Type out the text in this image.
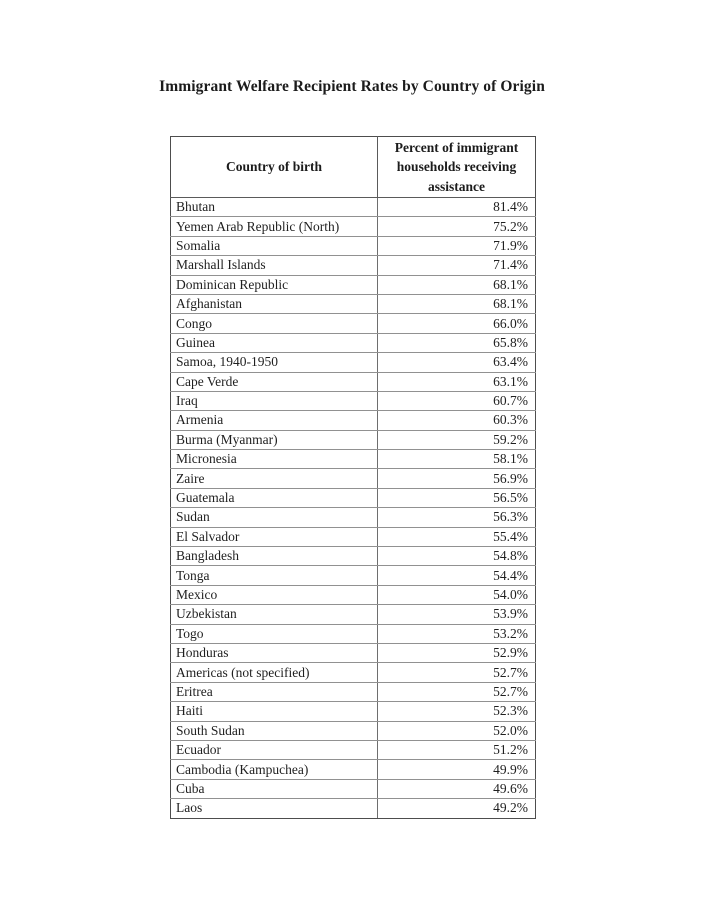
Immigrant Welfare Recipient Rates by Country of Origin
Country of birth	Percent of immigrant households receiving assistance
Bhutan	81.4%
Yemen Arab Republic (North)	75.2%
Somalia	71.9%
Marshall Islands	71.4%
Dominican Republic	68.1%
Afghanistan	68.1%
Congo	66.0%
Guinea	65.8%
Samoa, 1940-1950	63.4%
Cape Verde	63.1%
Iraq	60.7%
Armenia	60.3%
Burma (Myanmar)	59.2%
Micronesia	58.1%
Zaire	56.9%
Guatemala	56.5%
Sudan	56.3%
El Salvador	55.4%
Bangladesh	54.8%
Tonga	54.4%
Mexico	54.0%
Uzbekistan	53.9%
Togo	53.2%
Honduras	52.9%
Americas (not specified)	52.7%
Eritrea	52.7%
Haiti	52.3%
South Sudan	52.0%
Ecuador	51.2%
Cambodia (Kampuchea)	49.9%
Cuba	49.6%
Laos	49.2%
